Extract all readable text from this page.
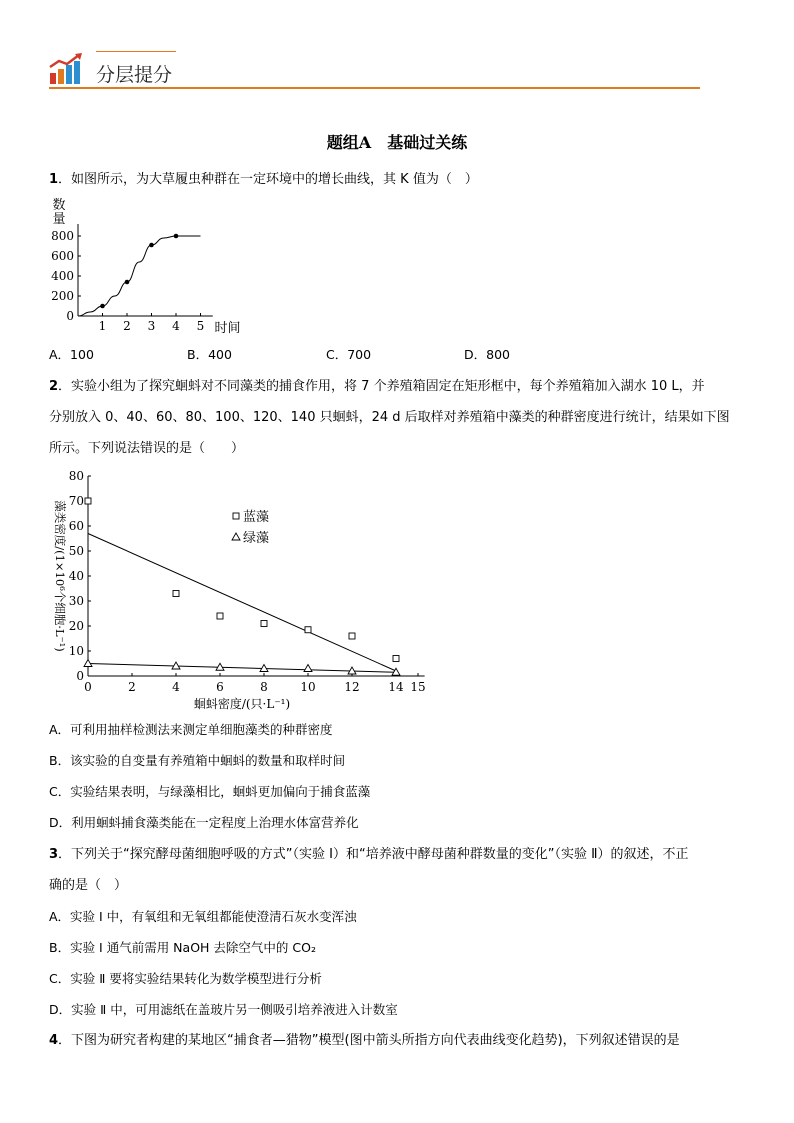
分层提分
题组A　基础过关练
1．如图所示，为大草履虫种群在一定环境中的增长曲线，其 K 值为（　）
0
200
400
600
800
1 2 3 4 5
数
量
时间
A．100	B．400	C．700	D．800
2．实验小组为了探究蛔蚪对不同藻类的捕食作用，将 7 个养殖箱固定在矩形框中，每个养殖箱加入湖水 10 L，并
分别放入 0、40、60、80、100、120、140 只蛔蚪，24 d 后取样对养殖箱中藻类的种群密度进行统计，结果如下图
所示。下列说法错误的是（　　）
0
10
20
30
40
50
60
70
80
0	2	4	6	8	10 12 14 15
蛔蚪密度/(只·L⁻¹)
藻类密度/(1×10⁶个细胞·L⁻¹)	蓝藻
绿藻
A．可利用抽样检测法来测定单细胞藻类的种群密度
B．该实验的自变量有养殖箱中蛔蚪的数量和取样时间
C．实验结果表明，与绿藻相比，蛔蚪更加偏向于捕食蓝藻
D．利用蛔蚪捕食藻类能在一定程度上治理水体富营养化
3．下列关于“探究酵母菌细胞呼吸的方式”（实验 I）和“培养液中酵母菌种群数量的变化”（实验 Ⅱ）的叙述，不正
确的是（　）
A．实验 I 中，有氧组和无氧组都能使澄清石灰水变浑浊
B．实验 I 通气前需用 NaOH 去除空气中的 CO₂
C．实验 Ⅱ 要将实验结果转化为数学模型进行分析
D．实验 Ⅱ 中，可用滤纸在盖玻片另一侧吸引培养液进入计数室
4．下图为研究者构建的某地区“捕食者—猎物”模型(图中箭头所指方向代表曲线变化趋势)，下列叙述错误的是
